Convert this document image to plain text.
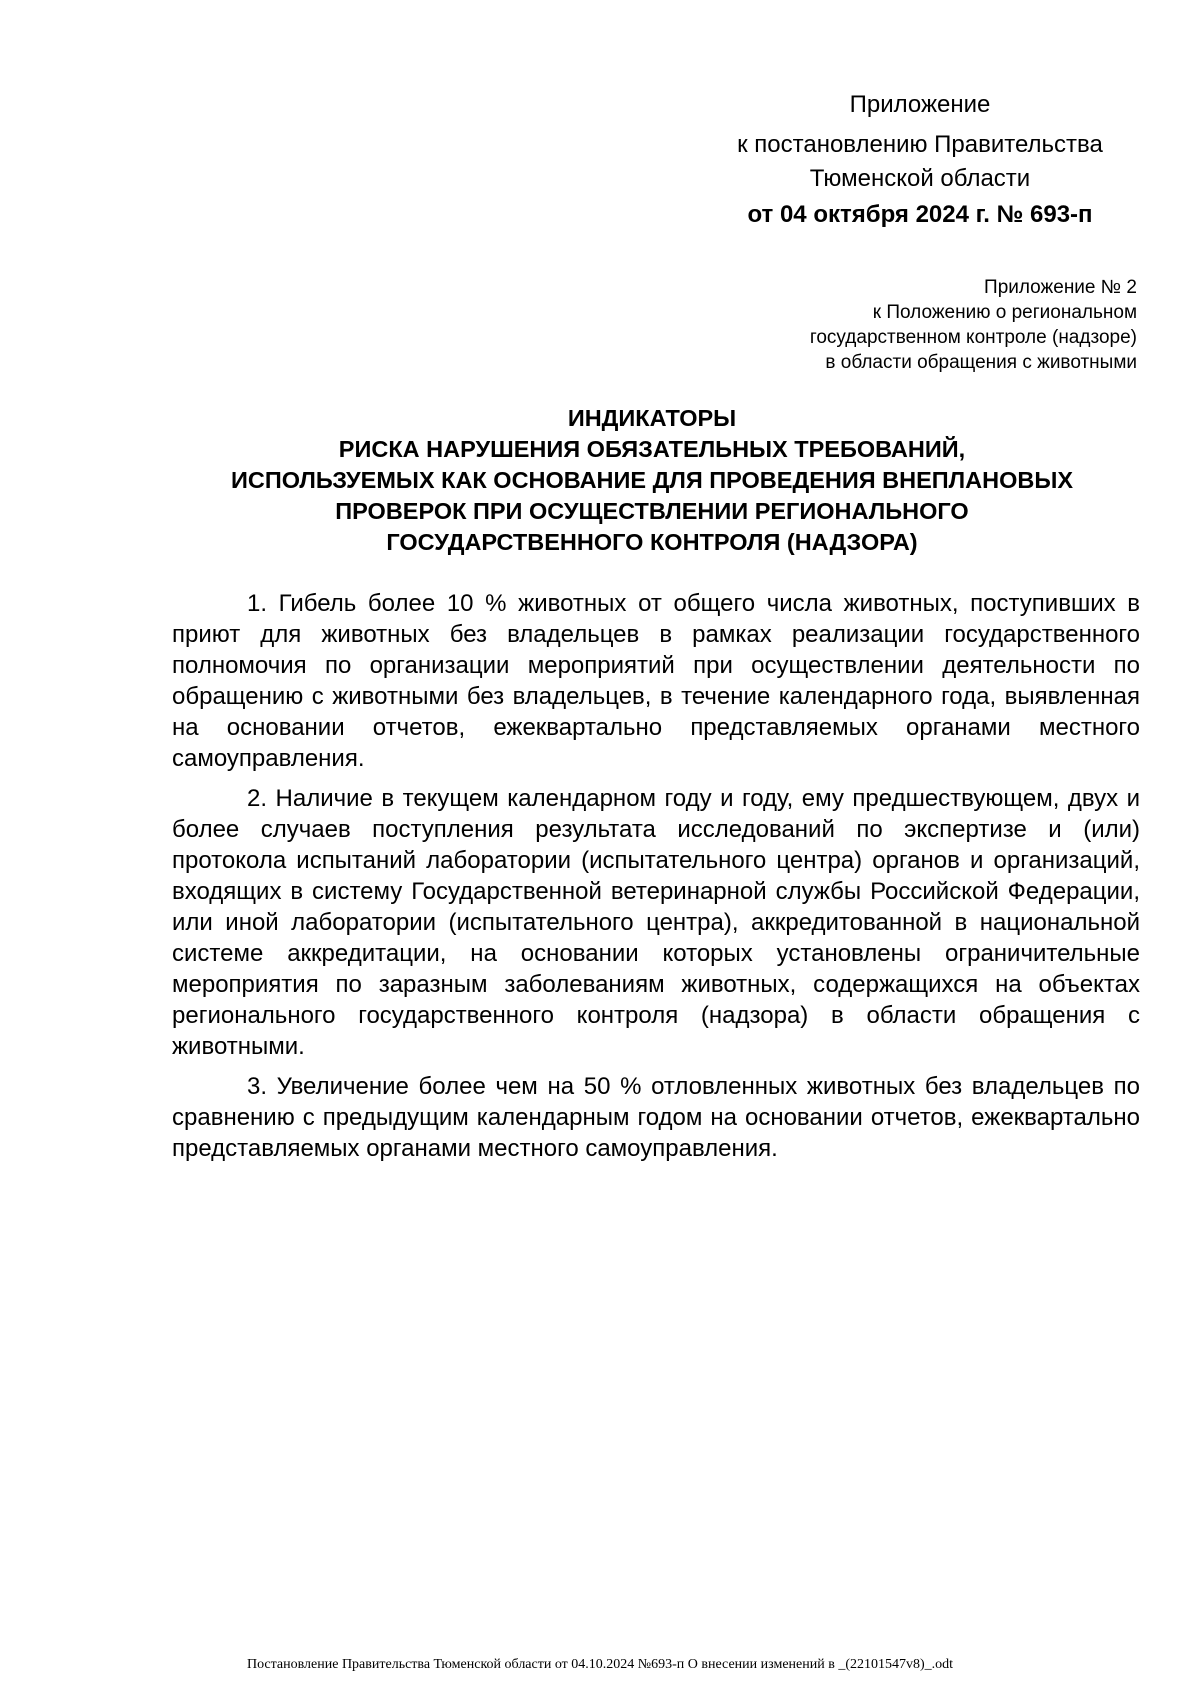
Приложение
к постановлению Правительства
Тюменской области
от 04 октября 2024 г. № 693-п
Приложение № 2
к Положению о региональном
государственном контроле (надзоре)
в области обращения с животными
ИНДИКАТОРЫ
РИСКА НАРУШЕНИЯ ОБЯЗАТЕЛЬНЫХ ТРЕБОВАНИЙ,
ИСПОЛЬЗУЕМЫХ КАК ОСНОВАНИЕ ДЛЯ ПРОВЕДЕНИЯ ВНЕПЛАНОВЫХ
ПРОВЕРОК ПРИ ОСУЩЕСТВЛЕНИИ РЕГИОНАЛЬНОГО
ГОСУДАРСТВЕННОГО КОНТРОЛЯ (НАДЗОРА)

1. Гибель более 10 % животных от общего числа животных, поступивших в приют для животных без владельцев в рамках реализации государственного полномочия по организации мероприятий при осуществлении деятельности по обращению с животными без владельцев, в течение календарного года, выявленная на основании отчетов, ежеквартально представляемых органами местного самоуправления.

2. Наличие в текущем календарном году и году, ему предшествующем, двух и более случаев поступления результата исследований по экспертизе и (или) протокола испытаний лаборатории (испытательного центра) органов и организаций, входящих в систему Государственной ветеринарной службы Российской Федерации, или иной лаборатории (испытательного центра), аккредитованной в национальной системе аккредитации, на основании которых установлены ограничительные мероприятия по заразным заболеваниям животных, содержащихся на объектах регионального государственного контроля (надзора) в области обращения с животными.

3. Увеличение более чем на 50 % отловленных животных без владельцев по сравнению с предыдущим календарным годом на основании отчетов, ежеквартально представляемых органами местного самоуправления.

Постановление Правительства Тюменской области от 04.10.2024 №693-п О внесении изменений в _(22101547v8)_.odt
